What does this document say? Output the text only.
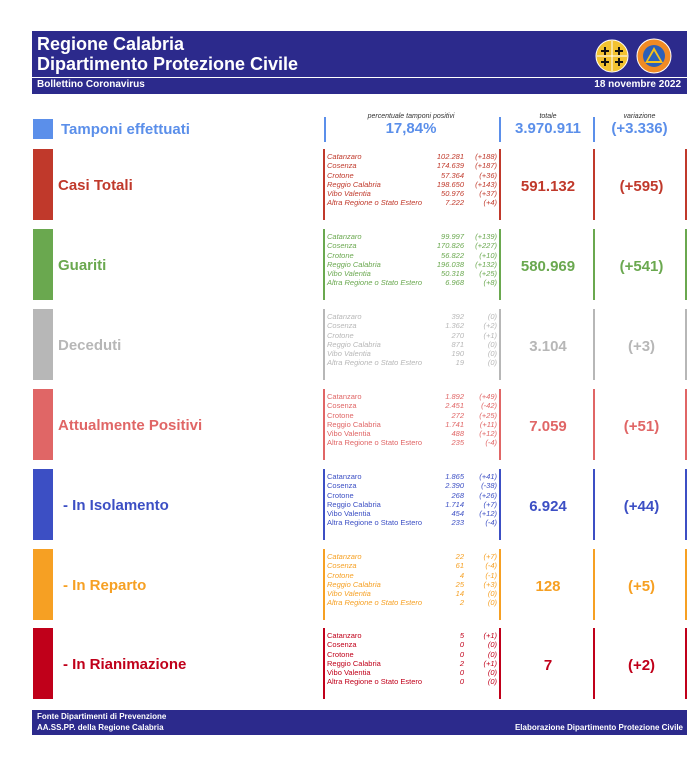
Regione Calabria
Dipartimento Protezione Civile
Bollettino Coronavirus	18 novembre 2022
percentuale tamponi positivi	totale	variazione
Tamponi effettuati	17,84%	3.970.911	(+3.336)
Casi Totali
Catanzaro	102.281	(+188)
Cosenza	174.639	(+187)
Crotone	57.364	(+36)
Reggio Calabria	198.650	(+143)
Vibo Valentia	50.976	(+37)
Altra Regione o Stato Estero	7.222	(+4)
591.132	(+595)
Guariti
Catanzaro	99.997	(+139)
Cosenza	170.826	(+227)
Crotone	56.822	(+10)
Reggio Calabria	196.038	(+132)
Vibo Valentia	50.318	(+25)
Altra Regione o Stato Estero	6.968	(+8)
580.969	(+541)
Deceduti
Catanzaro	392	(0)
Cosenza	1.362	(+2)
Crotone	270	(+1)
Reggio Calabria	871	(0)
Vibo Valentia	190	(0)
Altra Regione o Stato Estero	19	(0)
3.104	(+3)
Attualmente Positivi
Catanzaro	1.892	(+49)
Cosenza	2.451	(-42)
Crotone	272	(+25)
Reggio Calabria	1.741	(+11)
Vibo Valentia	488	(+12)
Altra Regione o Stato Estero	235	(-4)
7.059	(+51)
- In Isolamento
Catanzaro	1.865	(+41)
Cosenza	2.390	(-38)
Crotone	268	(+26)
Reggio Calabria	1.714	(+7)
Vibo Valentia	454	(+12)
Altra Regione o Stato Estero	233	(-4)
6.924	(+44)
- In Reparto
Catanzaro	22	(+7)
Cosenza	61	(-4)
Crotone	4	(-1)
Reggio Calabria	25	(+3)
Vibo Valentia	14	(0)
Altra Regione o Stato Estero	2	(0)
128	(+5)
- In Rianimazione
Catanzaro	5	(+1)
Cosenza	0	(0)
Crotone	0	(0)
Reggio Calabria	2	(+1)
Vibo Valentia	0	(0)
Altra Regione o Stato Estero	0	(0)
7	(+2)
Fonte Dipartimenti di Prevenzione
AA.SS.PP. della Regione Calabria	Elaborazione Dipartimento Protezione Civile
